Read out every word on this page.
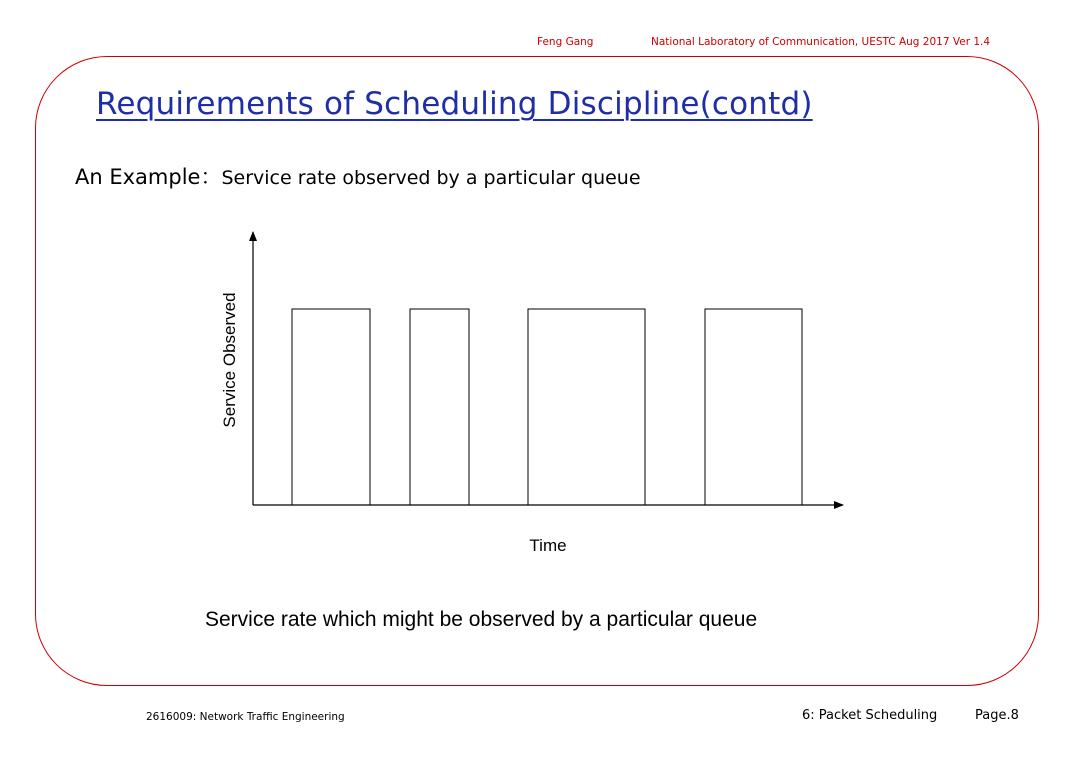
Feng Gang	National Laboratory of Communication, UESTC Aug 2017 Ver 1.4
Requirements of Scheduling Discipline(contd)
An Example：Service rate observed by a particular queue
Service Observed
Time
Service rate which might be observed by a particular queue
2616009: Network Traffic Engineering	6: Packet Scheduling	Page.8
